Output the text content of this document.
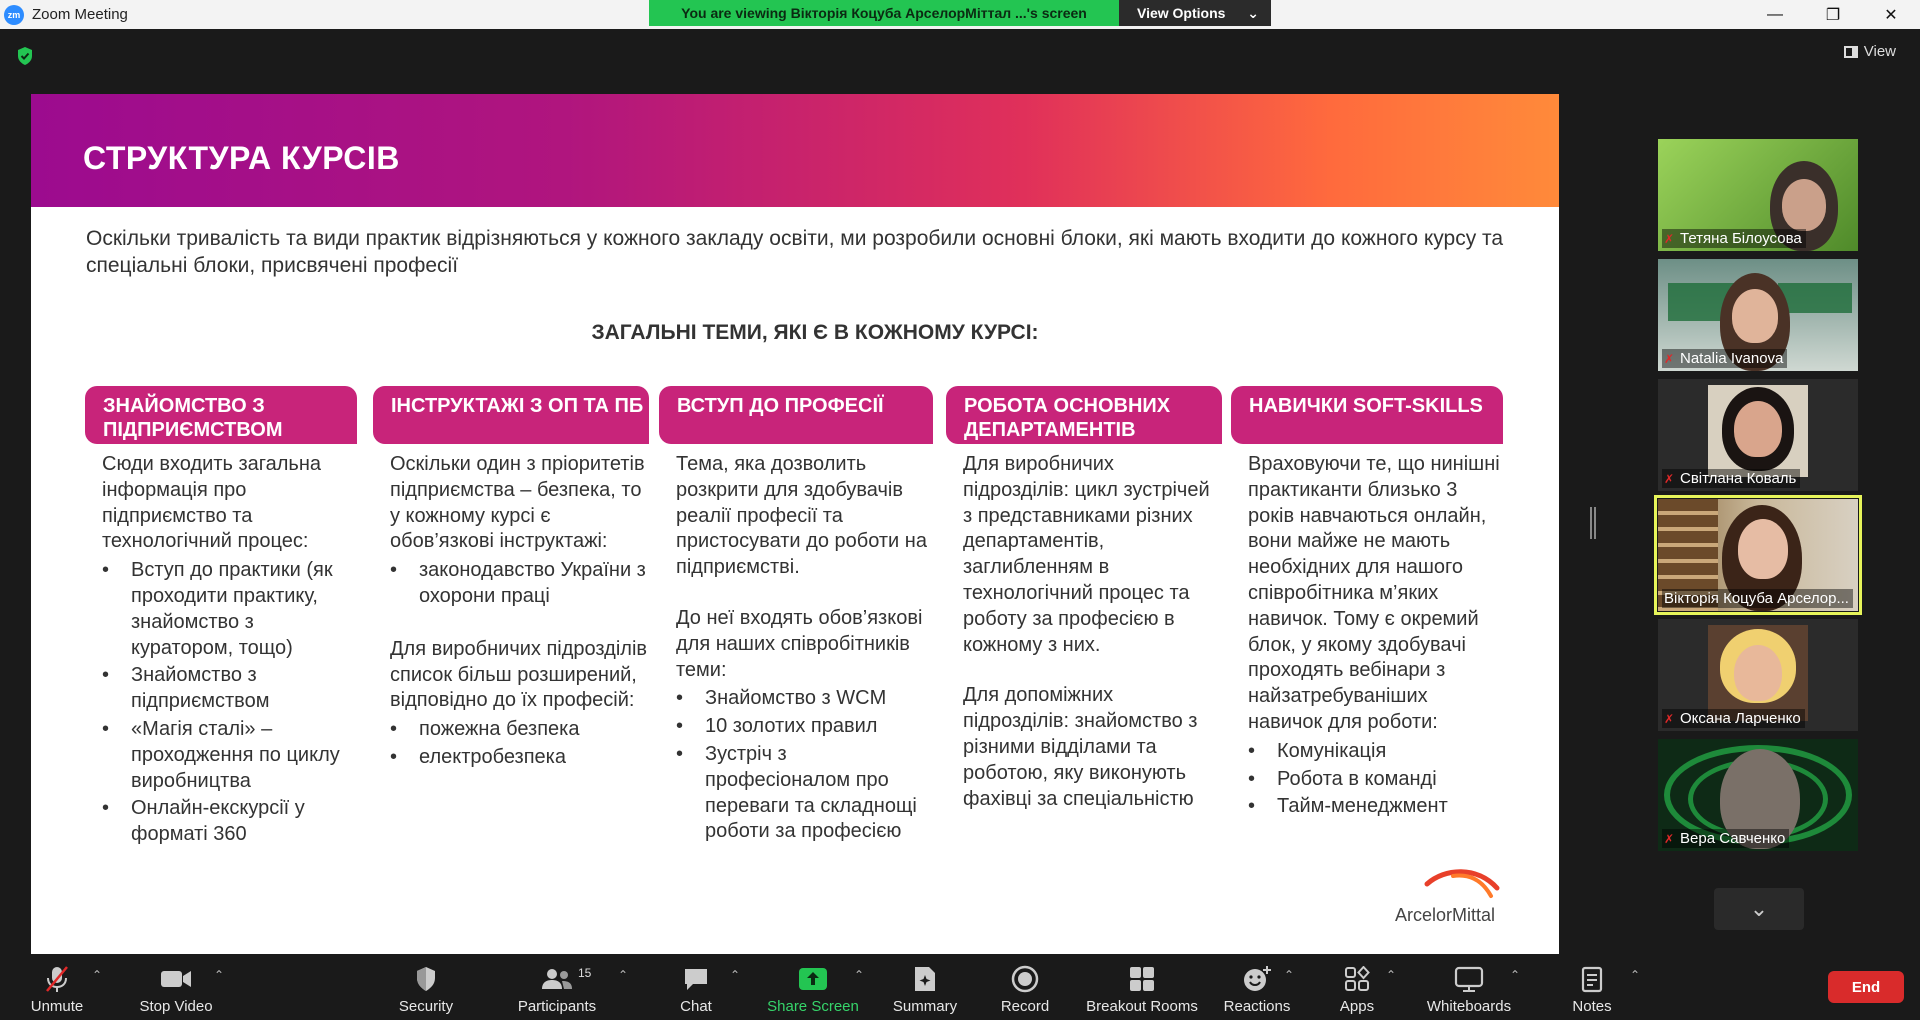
zm Zoom Meeting	—	❐	✕
You are viewing Вікторія Коцуба АрселорМіттал ...'s screen	View Options ⌄
View
СТРУКТУРА КУРСІВ
Оскільки тривалість та види практик відрізняються у кожного закладу освіти, ми розробили основні блоки, які мають входити до кожного курсу та спеціальні блоки, присвячені професії
ЗАГАЛЬНІ ТЕМИ, ЯКІ Є В КОЖНОМУ КУРСІ:
ЗНАЙОМСТВО З ПІДПРИЄМСТВОМ

Сюди входить загальна інформація про підприємство та технологічний процес:

• Вступ до практики (як проходити практику, знайомство з куратором, тощо)
• Знайомство з підприємством
• «Магія сталі» – проходження по циклу виробництва
• Онлайн-екскурсії у форматі 360
ІНСТРУКТАЖІ З ОП ТА ПБ

Оскільки один з пріоритетів підприємства – безпека, то у кожному курсі є обов’язкові інструктажі:

• законодавство України з охорони праці

Для виробничих підрозділів список більш розширений, відповідно до їх професій:

• пожежна безпека
• електробезпека
ВСТУП ДО ПРОФЕСІЇ

Тема, яка дозволить розкрити для здобувачів реалії професії та пристосувати до роботи на підприємстві.

До неї входять обов’язкові для наших співробітників теми:

• Знайомство з WCM
• 10 золотих правил
• Зустріч з професіоналом про переваги та складнощі роботи за професією
РОБОТА ОСНОВНИХ ДЕПАРТАМЕНТІВ

Для виробничих підрозділів: цикл зустрічей з представниками різних департаментів, заглибленням в технологічний процес та роботу за професією в кожному з них.

Для допоміжних підрозділів: знайомство з різними відділами та роботою, яку виконують фахівці за спеціальністю

НАВИЧКИ SOFT-SKILLS

Враховуючи те, що нинішні практиканти близько 3 років навчаються онлайн, вони майже не мають необхідних для нашого співробітника м’яких навичок. Тому є окремий блок, у якому здобувачі проходять вебінари з найзатребуваніших навичок для роботи:

• Комунікація
• Робота в команді
• Тайм-менеджмент
ArcelorMittal
✗ Тетяна Білоусова
✗ Natalia Ivanova
✗ Світлана Коваль
Вікторія Коцуба Арселор...
✗ Оксана Ларченко
✗ Вера Савченко
⌄
Unmute
⌃
Stop Video
⌃
Security	Participants
15 ⌃
Chat
⌃
Share Screen
⌃
Summary	Record Breakout Rooms Reactions
⌃
Apps
⌃
Whiteboards
⌃
Notes
⌃
End
